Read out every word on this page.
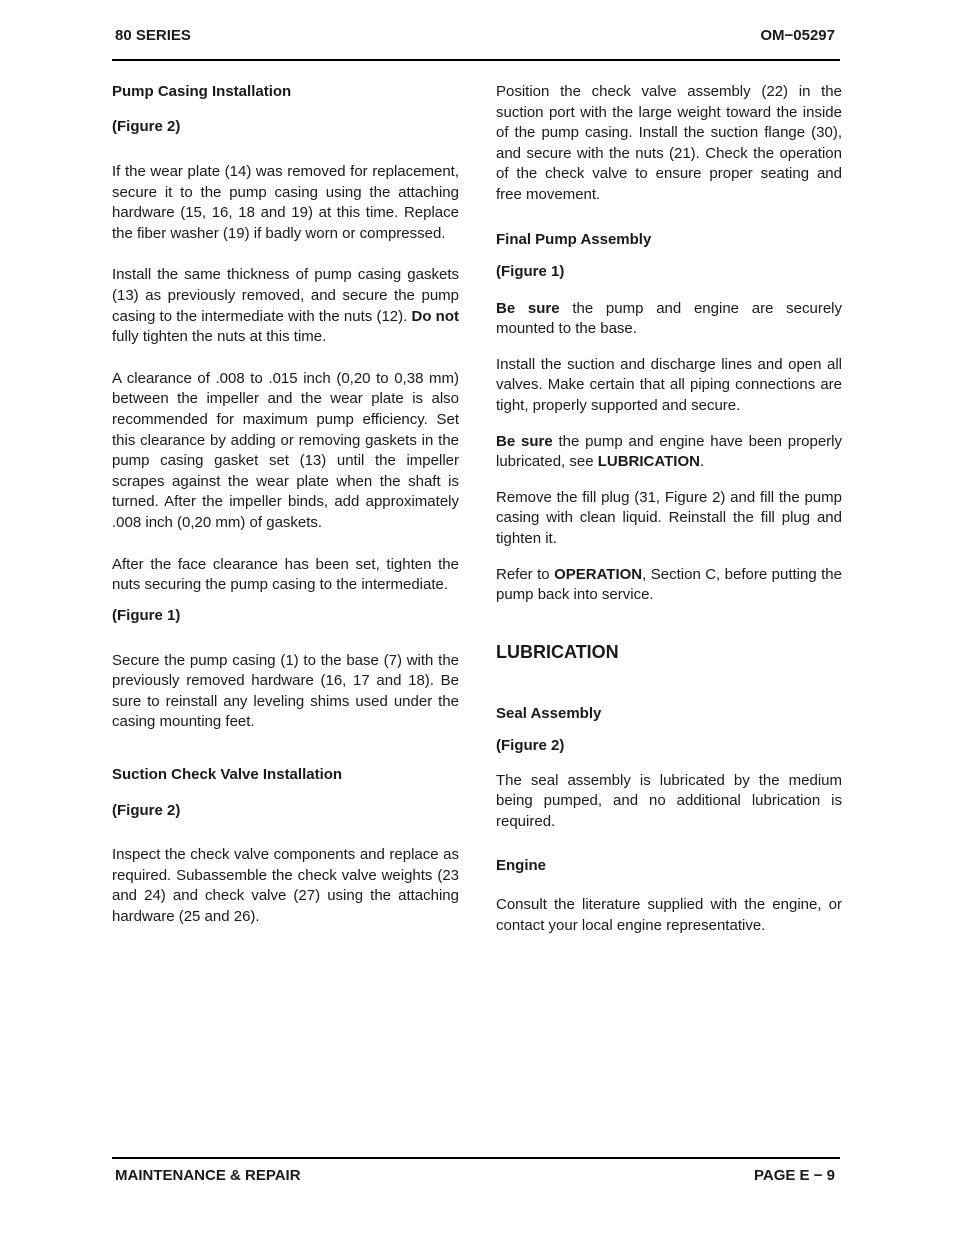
80 SERIES	OM−05297
Pump Casing Installation
(Figure 2)

If the wear plate (14) was removed for replacement, secure it to the pump casing using the attaching hardware (15, 16, 18 and 19) at this time. Replace the fiber washer (19) if badly worn or compressed.

Install the same thickness of pump casing gaskets (13) as previously removed, and secure the pump casing to the intermediate with the nuts (12). Do not fully tighten the nuts at this time.

A clearance of .008 to .015 inch (0,20 to 0,38 mm) between the impeller and the wear plate is also recommended for maximum pump efficiency. Set this clearance by adding or removing gaskets in the pump casing gasket set (13) until the impeller scrapes against the wear plate when the shaft is turned. After the impeller binds, add approximately .008 inch (0,20 mm) of gaskets.

After the face clearance has been set, tighten the nuts securing the pump casing to the intermediate.

(Figure 1)

Secure the pump casing (1) to the base (7) with the previously removed hardware (16, 17 and 18). Be sure to reinstall any leveling shims used under the casing mounting feet.

Suction Check Valve Installation
(Figure 2)

Inspect the check valve components and replace as required. Subassemble the check valve weights (23 and 24) and check valve (27) using the attaching hardware (25 and 26).

Position the check valve assembly (22) in the suction port with the large weight toward the inside of the pump casing. Install the suction flange (30), and secure with the nuts (21). Check the operation of the check valve to ensure proper seating and free movement.

Final Pump Assembly
(Figure 1)

Be sure the pump and engine are securely mounted to the base.

Install the suction and discharge lines and open all valves. Make certain that all piping connections are tight, properly supported and secure.

Be sure the pump and engine have been properly lubricated, see LUBRICATION.

Remove the fill plug (31, Figure 2) and fill the pump casing with clean liquid. Reinstall the fill plug and tighten it.

Refer to OPERATION, Section C, before putting the pump back into service.

LUBRICATION
Seal Assembly
(Figure 2)

The seal assembly is lubricated by the medium being pumped, and no additional lubrication is required.

Engine

Consult the literature supplied with the engine, or contact your local engine representative.

MAINTENANCE & REPAIR	PAGE E − 9
